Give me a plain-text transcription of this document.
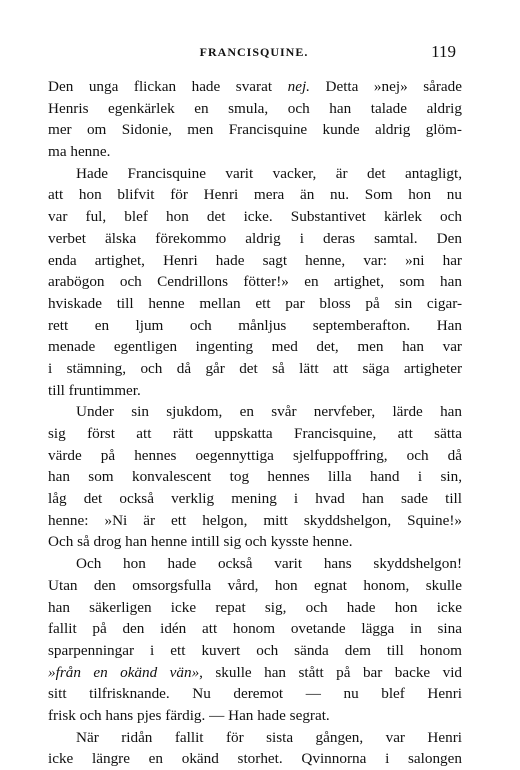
FRANCISQUINE.	119
Den unga flickan hade svarat nej. Detta »nej» sårade
Henris egenkärlek en smula, och han talade aldrig
mer om Sidonie, men Francisquine kunde aldrig glöm-
ma henne.
Hade Francisquine varit vacker, är det antagligt,
att hon blifvit för Henri mera än nu. Som hon nu
var ful, blef hon det icke. Substantivet kärlek och
verbet älska förekommo aldrig i deras samtal. Den
enda artighet, Henri hade sagt henne, var: »ni har
arabögon och Cendrillons fötter!» en artighet, som han
hviskade till henne mellan ett par bloss på sin cigar-
rett en ljum och månljus septemberafton. Han
menade egentligen ingenting med det, men han var
i stämning, och då går det så lätt att säga artigheter
till fruntimmer.
Under sin sjukdom, en svår nervfeber, lärde han
sig först att rätt uppskatta Francisquine, att sätta
värde på hennes oegennyttiga sjelfuppoffring, och då
han som konvalescent tog hennes lilla hand i sin,
låg det också verklig mening i hvad han sade till
henne: »Ni är ett helgon, mitt skyddshelgon, Squine!»
Och så drog han henne intill sig och kysste henne.
Och hon hade också varit hans skyddshelgon!
Utan den omsorgsfulla vård, hon egnat honom, skulle
han säkerligen icke repat sig, och hade hon icke
fallit på den idén att honom ovetande lägga in sina
sparpenningar i ett kuvert och sända dem till honom
»från en okänd vän», skulle han stått på bar backe vid
sitt tilfrisknande. Nu deremot — nu blef Henri
frisk och hans pjes färdig. — Han hade segrat.
När ridån fallit för sista gången, var Henri
icke längre en okänd storhet. Qvinnorna i salongen
